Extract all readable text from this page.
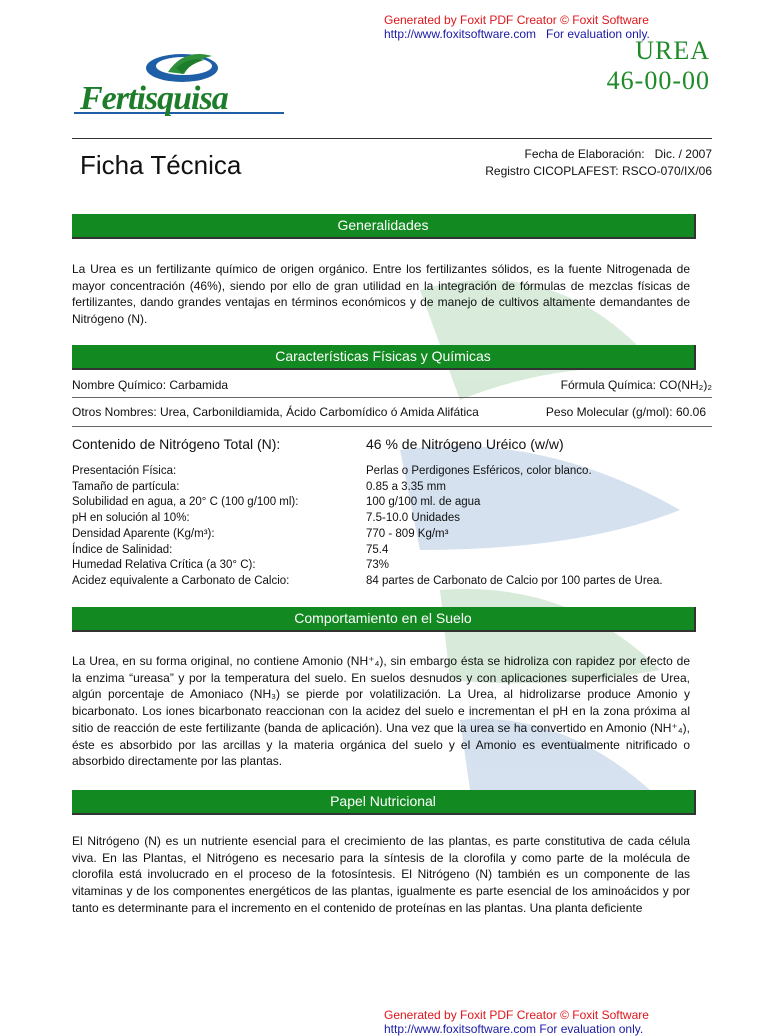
Generated by Foxit PDF Creator © Foxit Software
http://www.foxitsoftware.com   For evaluation only.
UREA
46-00-00
Fertisquisa
Ficha Técnica	Fecha de Elaboración: Dic. / 2007
Registro CICOPLAFEST: RSCO-070/IX/06
Generalidades
La Urea es un fertilizante químico de origen orgánico. Entre los fertilizantes sólidos, es la fuente Nitrogenada de mayor concentración (46%), siendo por ello de gran utilidad en la integración de fórmulas de mezclas físicas de fertilizantes, dando grandes ventajas en términos económicos y de manejo de cultivos altamente demandantes de Nitrógeno (N).
Características Físicas y Químicas
Nombre Químico: Carbamida	Fórmula Química: CO(NH₂)₂
Otros Nombres: Urea, Carbonildiamida, Ácido Carbomídico ó Amida Alifática	Peso Molecular (g/mol): 60.06
Contenido de Nitrógeno Total (N):	46 % de Nitrógeno Uréico (w/w)
Presentación Física:	Perlas o Perdigones Esféricos, color blanco.
Tamaño de partícula:	0.85 a 3.35 mm
Solubilidad en agua, a 20° C (100 g/100 ml):	100 g/100 ml. de agua
pH en solución al 10%:	7.5-10.0 Unidades
Densidad Aparente (Kg/m³):	770 - 809 Kg/m³
Índice de Salinidad:	75.4
Humedad Relativa Crítica (a 30° C):	73%
Acidez equivalente a Carbonato de Calcio:	84 partes de Carbonato de Calcio por 100 partes de Urea.
Comportamiento en el Suelo
La Urea, en su forma original, no contiene Amonio (NH⁺₄), sin embargo ésta se hidroliza con rapidez por efecto de la enzima “ureasa” y por la temperatura del suelo. En suelos desnudos y con aplicaciones superficiales de Urea, algún porcentaje de Amoniaco (NH₃) se pierde por volatilización. La Urea, al hidrolizarse produce Amonio y bicarbonato. Los iones bicarbonato reaccionan con la acidez del suelo e incrementan el pH en la zona próxima al sitio de reacción de este fertilizante (banda de aplicación). Una vez que la urea se ha convertido en Amonio (NH⁺₄), éste es absorbido por las arcillas y la materia orgánica del suelo y el Amonio es eventualmente nitrificado o absorbido directamente por las plantas.
Papel Nutricional
El Nitrógeno (N) es un nutriente esencial para el crecimiento de las plantas, es parte constitutiva de cada célula viva. En las Plantas, el Nitrógeno es necesario para la síntesis de la clorofila y como parte de la molécula de clorofila está involucrado en el proceso de la fotosíntesis. El Nitrógeno (N) también es un componente de las vitaminas y de los componentes energéticos de las plantas, igualmente es parte esencial de los aminoácidos y por tanto es determinante para el incremento en el contenido de proteínas en las plantas. Una planta deficiente
Generated by Foxit PDF Creator © Foxit Software
http://www.foxitsoftware.com For evaluation only.
